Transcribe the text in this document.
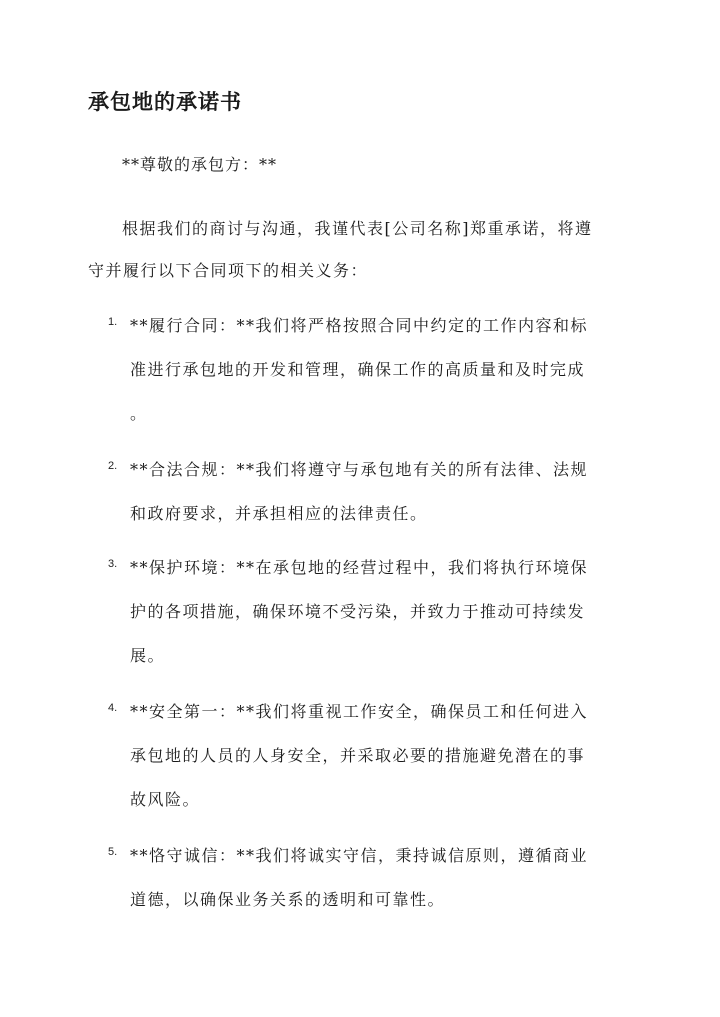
承包地的承诺书
**尊敬的承包方：**
根据我们的商讨与沟通，我谨代表[公司名称]郑重承诺，将遵
守并履行以下合同项下的相关义务：
1. **履行合同：**我们将严格按照合同中约定的工作内容和标
准进行承包地的开发和管理，确保工作的高质量和及时完成
。
2. **合法合规：**我们将遵守与承包地有关的所有法律、法规
和政府要求，并承担相应的法律责任。
3. **保护环境：**在承包地的经营过程中，我们将执行环境保
护的各项措施，确保环境不受污染，并致力于推动可持续发
展。
4. **安全第一：**我们将重视工作安全，确保员工和任何进入
承包地的人员的人身安全，并采取必要的措施避免潜在的事
故风险。
5. **恪守诚信：**我们将诚实守信，秉持诚信原则，遵循商业
道德，以确保业务关系的透明和可靠性。
